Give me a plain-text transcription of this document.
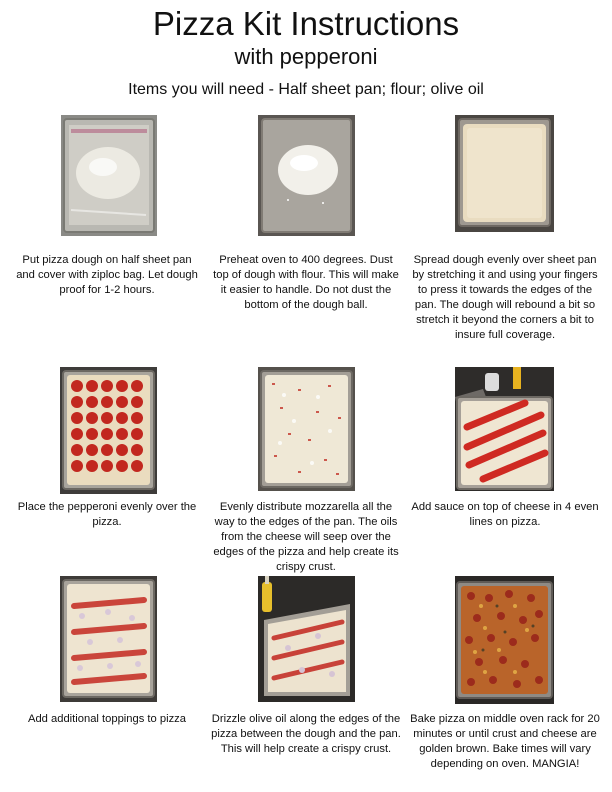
Pizza Kit Instructions
with pepperoni
Items you will need - Half sheet pan; flour; olive oil
Put pizza dough on half sheet pan and cover with ziploc bag. Let dough proof for 1-2 hours.
Preheat oven to 400 degrees. Dust top of dough with flour. This will make it easier to handle. Do not dust the bottom of the dough ball.
Spread dough evenly over sheet pan by stretching it and using your fingers to press it towards the edges of the pan. The dough will rebound a bit so stretch it beyond the corners a bit to insure full coverage.
Place the pepperoni evenly over the pizza.
Evenly distribute mozzarella all the way to the edges of the pan. The oils from the cheese will seep over the edges of the pizza and help create its crispy crust.
Add sauce on top of cheese in 4 even lines on pizza.
Add additional toppings to pizza	Drizzle olive oil along the edges of the pizza between the dough and the pan. This will help create a crispy crust.
Bake pizza on middle oven rack for 20 minutes or until crust and cheese are golden brown. Bake times will vary depending on oven. MANGIA!
